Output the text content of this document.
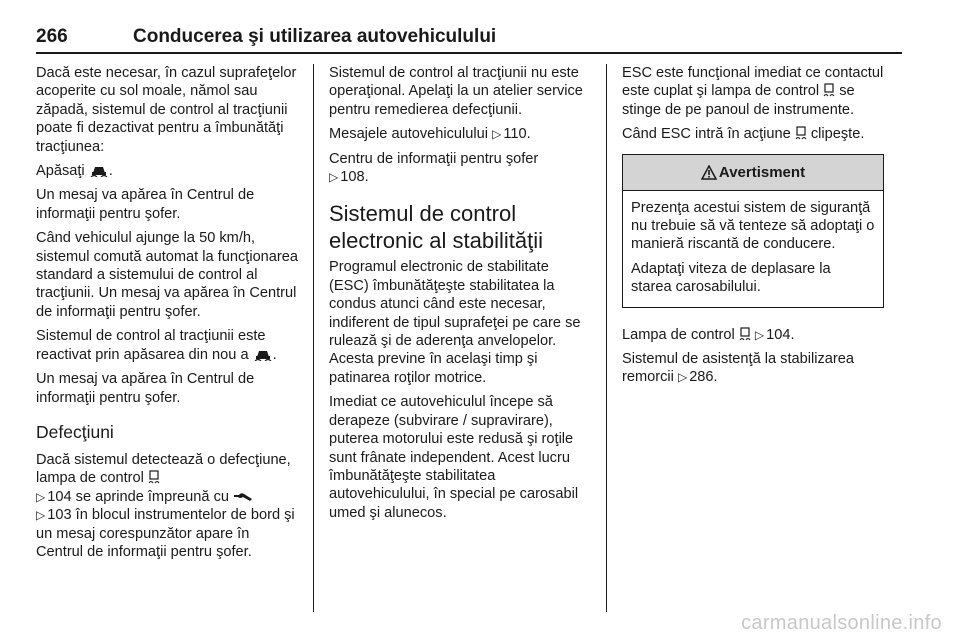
266	Conducerea şi utilizarea autovehiculului

Dacă este necesar, în cazul suprafeţelor acoperite cu sol moale, nămol sau zăpadă, sistemul de control al tracţiunii poate fi dezactivat pentru a îmbunătăţi tracţiunea:

Apăsaţi .

Un mesaj va apărea în Centrul de informaţii pentru şofer.

Când vehiculul ajunge la 50 km/h, sistemul comută automat la funcţionarea standard a sistemului de control al tracţiunii. Un mesaj va apărea în Centrul de informaţii pentru şofer.

Sistemul de control al tracţiunii este reactivat prin apăsarea din nou a .

Un mesaj va apărea în Centrul de informaţii pentru şofer.

Defecţiuni

Dacă sistemul detectează o defecţiune, lampa de control
▷ 104 se aprinde împreună cu
▷ 103 în blocul instrumentelor de bord şi un mesaj corespunzător apare în Centrul de informaţii pentru şofer.

Sistemul de control al tracţiunii nu este operaţional. Apelaţi la un atelier service pentru remedierea defecţiunii.

Mesajele autovehiculului ▷ 110.

Centru de informaţii pentru şofer
▷ 108.

Sistemul de control electronic al stabilităţii

Programul electronic de stabilitate (ESC) îmbunătăţeşte stabilitatea la condus atunci când este necesar, indiferent de tipul suprafeţei pe care se rulează şi de aderenţa anvelopelor. Acesta previne în acelaşi timp şi patinarea roţilor motrice.

Imediat ce autovehiculul începe să derapeze (subvirare / supravirare), puterea motorului este redusă şi roţile sunt frânate independent. Acest lucru îmbunătăţeşte stabilitatea autovehiculului, în special pe carosabil umed şi alunecos.

ESC este funcţional imediat ce contactul este cuplat şi lampa de control se stinge de pe panoul de instrumente.

Când ESC intră în acţiune clipeşte.

Avertisment

Prezenţa acestui sistem de siguranţă nu trebuie să vă tenteze să adoptaţi o manieră riscantă de conducere.

Adaptaţi viteza de deplasare la starea carosabilului.

Lampa de control ▷ 104.

Sistemul de asistenţă la stabilizarea remorcii ▷ 286.

carmanualsonline.info
